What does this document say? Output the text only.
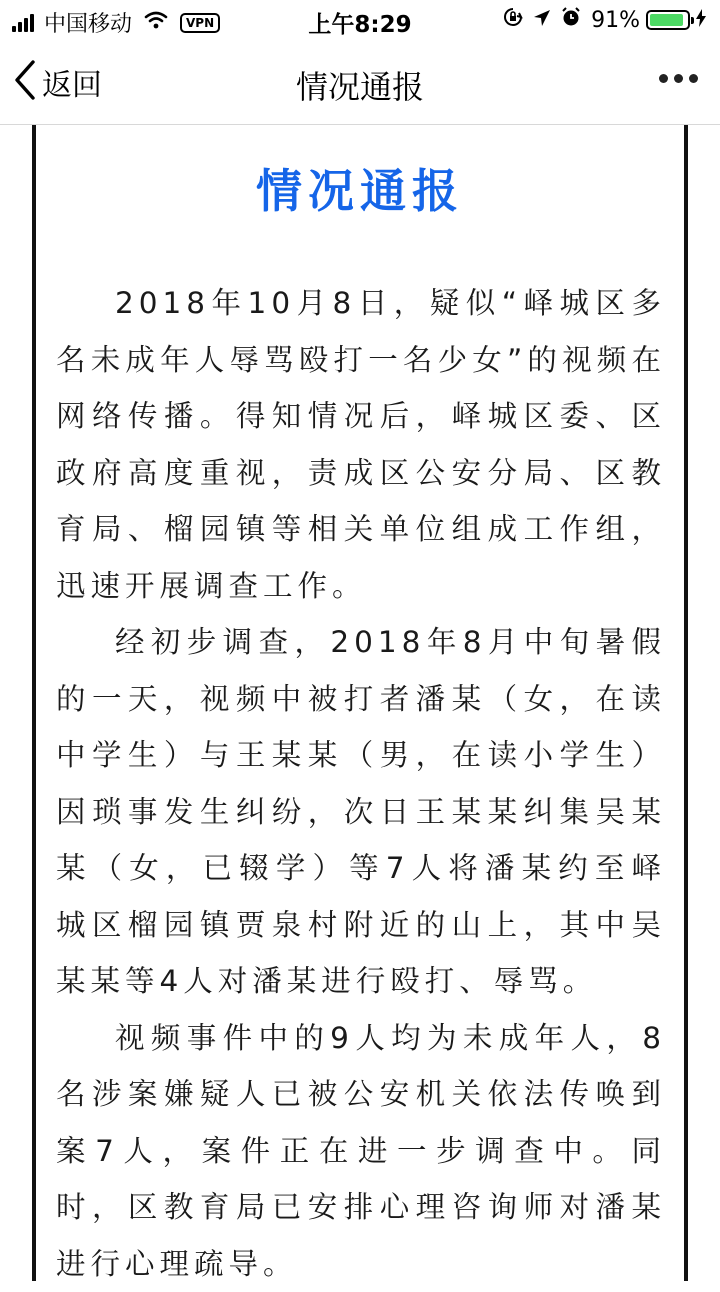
中国移动	VPN	上午8:29	91%
返回	情况通报
情况通报

2018年10月8日，疑似“峄城区多名未成年人辱骂殴打一名少女”的视频在网络传播。得知情况后，峄城区委、区政府高度重视，责成区公安分局、区教育局、榴园镇等相关单位组成工作组，迅速开展调查工作。

经初步调查，2018年8月中旬暑假的一天，视频中被打者潘某（女，在读中学生）与王某某（男，在读小学生）因琐事发生纠纷，次日王某某纠集吴某某（女，已辍学）等7人将潘某约至峄城区榴园镇贾泉村附近的山上，其中吴某某等4人对潘某进行殴打、辱骂。

视频事件中的9人均为未成年人，8名涉案嫌疑人已被公安机关依法传唤到案7人，案件正在进一步调查中。同时，区教育局已安排心理咨询师对潘某进行心理疏导。
